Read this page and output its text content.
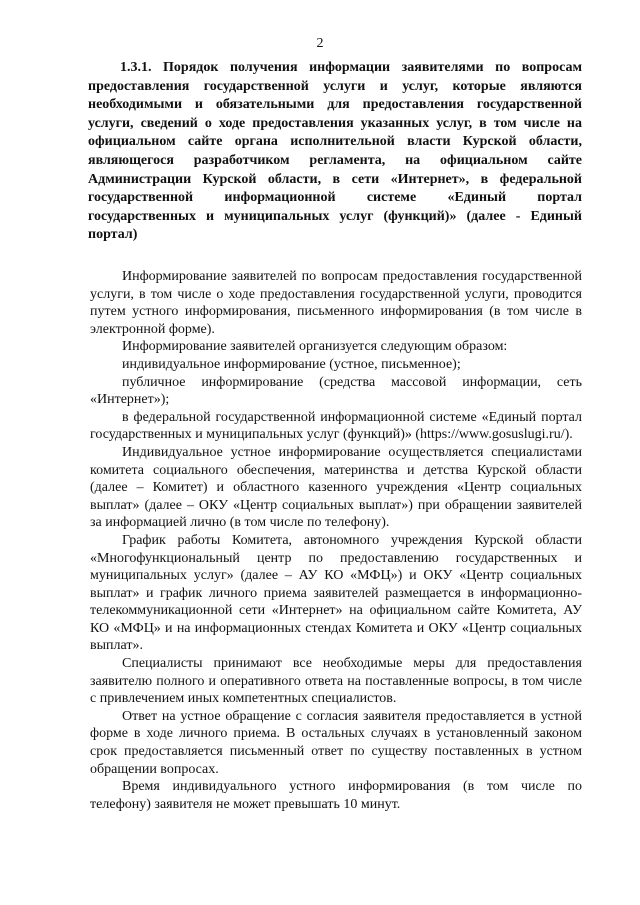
2
1.3.1. Порядок получения информации заявителями по вопросам предоставления государственной услуги и услуг, которые являются необходимыми и обязательными для предоставления государственной услуги, сведений о ходе предоставления указанных услуг, в том числе на официальном сайте органа исполнительной власти Курской области, являющегося разработчиком регламента, на официальном сайте Администрации Курской области, в сети «Интернет», в федеральной государственной информационной системе «Единый портал государственных и муниципальных услуг (функций)» (далее - Единый портал)

Информирование заявителей по вопросам предоставления государственной услуги, в том числе о ходе предоставления государственной услуги, проводится путем устного информирования, письменного информирования (в том числе в электронной форме).

Информирование заявителей организуется следующим образом:

индивидуальное информирование (устное, письменное);

публичное информирование (средства массовой информации, сеть «Интернет»);

в федеральной государственной информационной системе «Единый портал государственных и муниципальных услуг (функций)» (https://www.gosuslugi.ru/).

Индивидуальное устное информирование осуществляется специалистами комитета социального обеспечения, материнства и детства Курской области (далее – Комитет) и областного казенного учреждения «Центр социальных выплат» (далее – ОКУ «Центр социальных выплат») при обращении заявителей за информацией лично (в том числе по телефону).

График работы Комитета, автономного учреждения Курской области «Многофункциональный центр по предоставлению государственных и муниципальных услуг» (далее – АУ КО «МФЦ») и ОКУ «Центр социальных выплат» и график личного приема заявителей размещается в информационно- телекоммуникационной сети «Интернет» на официальном сайте Комитета, АУ КО «МФЦ» и на информационных стендах Комитета и ОКУ «Центр социальных выплат».

Специалисты принимают все необходимые меры для предоставления заявителю полного и оперативного ответа на поставленные вопросы, в том числе с привлечением иных компетентных специалистов.

Ответ на устное обращение с согласия заявителя предоставляется в устной форме в ходе личного приема. В остальных случаях в установленный законом срок предоставляется письменный ответ по существу поставленных в устном обращении вопросах.

Время индивидуального устного информирования (в том числе по телефону) заявителя не может превышать 10 минут.
